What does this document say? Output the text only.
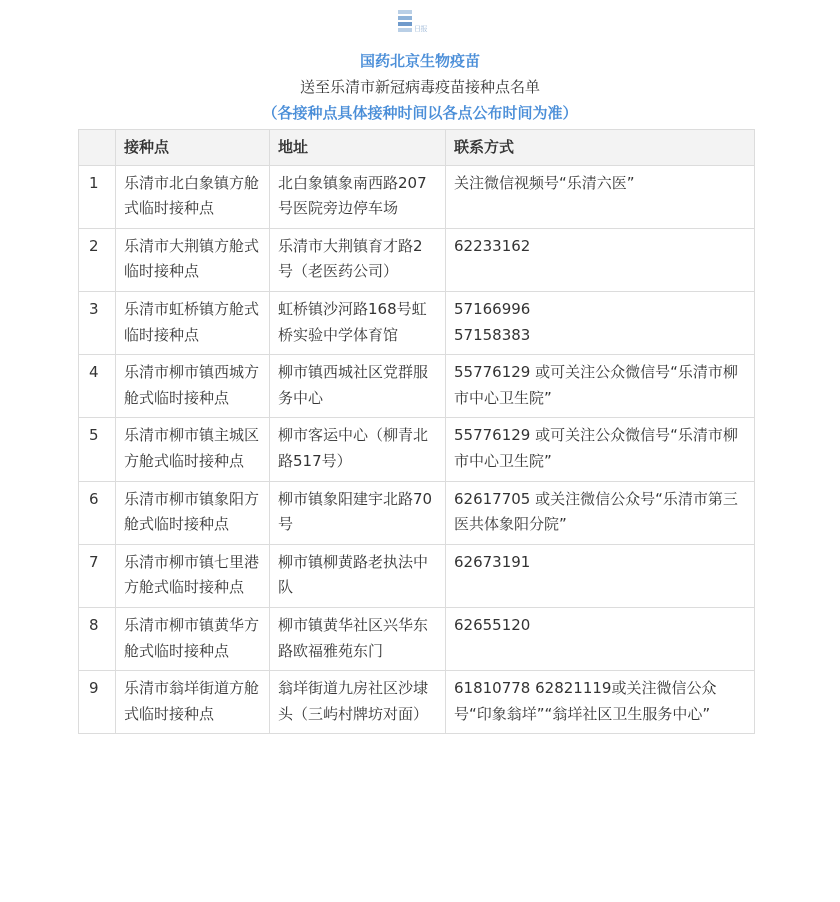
日报
国药北京生物疫苗
送至乐清市新冠病毒疫苗接种点名单
（各接种点具体接种时间以各点公布时间为准）
	接种点	地址	联系方式
1	乐清市北白象镇方舱式临时接种点	北白象镇象南西路207号医院旁边停车场	关注微信视频号“乐清六医”
2	乐清市大荆镇方舱式临时接种点	乐清市大荆镇育才路2号（老医药公司）	62233162
3	乐清市虹桥镇方舱式临时接种点	虹桥镇沙河路168号虹桥实验中学体育馆	57166996
57158383
4	乐清市柳市镇西城方舱式临时接种点	柳市镇西城社区党群服务中心	55776129 或可关注公众微信号“乐清市柳市中心卫生院”
5	乐清市柳市镇主城区方舱式临时接种点	柳市客运中心（柳青北路517号）	55776129 或可关注公众微信号“乐清市柳市中心卫生院”
6	乐清市柳市镇象阳方舱式临时接种点	柳市镇象阳建宇北路70号	62617705 或关注微信公众号“乐清市第三医共体象阳分院”
7	乐清市柳市镇七里港方舱式临时接种点	柳市镇柳黄路老执法中队	62673191
8	乐清市柳市镇黄华方舱式临时接种点	柳市镇黄华社区兴华东路欧福雅苑东门	62655120
9	乐清市翁垟街道方舱式临时接种点	翁垟街道九房社区沙埭头（三屿村牌坊对面）	61810778 62821119或关注微信公众号“印象翁垟”“翁垟社区卫生服务中心”
